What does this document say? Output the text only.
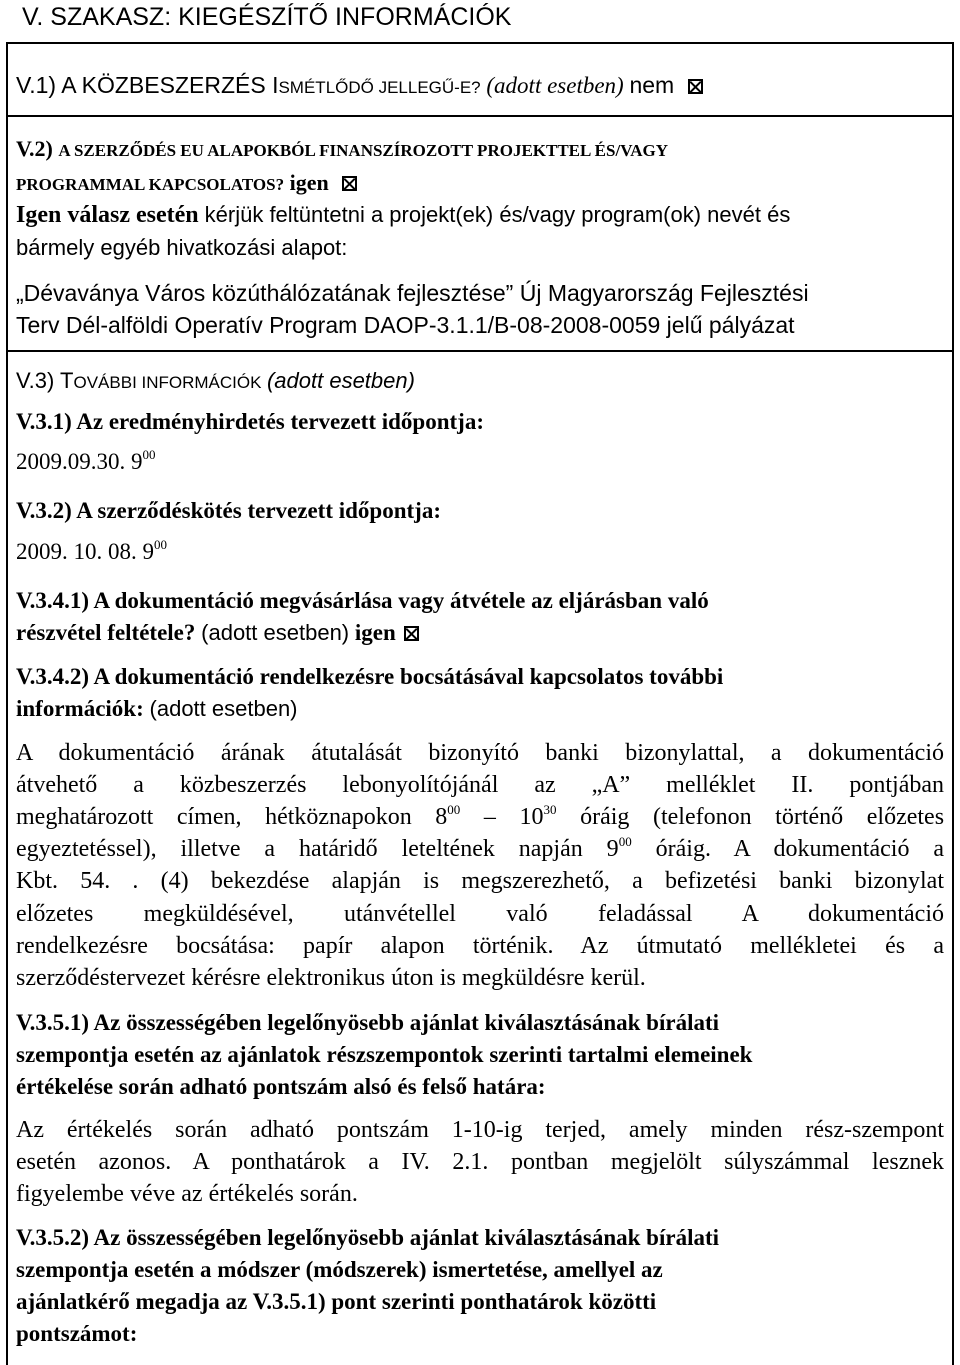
V. SZAKASZ: KIEGÉSZÍTŐ INFORMÁCIÓK
V.1) A KÖZBESZERZÉS ISMÉTLŐDŐ JELLEGŰ-E? (adott esetben) nem
V.2) A SZERZŐDÉS EU ALAPOKBÓL FINANSZÍROZOTT PROJEKTTEL ÉS/VAGY
PROGRAMMAL KAPCSOLATOS? igen
Igen válasz esetén kérjük feltüntetni a projekt(ek) és/vagy program(ok) nevét és
bármely egyéb hivatkozási alapot:
„Dévaványa Város közúthálózatának fejlesztése” Új Magyarország Fejlesztési
Terv Dél-alföldi Operatív Program DAOP-3.1.1/B-08-2008-0059 jelű pályázat
V.3) TOVÁBBI INFORMÁCIÓK (adott esetben)
V.3.1) Az eredményhirdetés tervezett időpontja:
2009.09.30. $9^{00}$
V.3.2) A szerződéskötés tervezett időpontja:
2009. 10. 08. $9^{00}$
V.3.4.1) A dokumentáció megvásárlása vagy átvétele az eljárásban való
részvétel feltétele? (adott esetben) igen
V.3.4.2) A dokumentáció rendelkezésre bocsátásával kapcsolatos további
információk: (adott esetben)
A dokumentáció árának átutalását bizonyító banki bizonylattal, a dokumentáció
átvehető a közbeszerzés lebonyolítójánál az „A” melléklet II. pontjában
meghatározott címen, hétköznapokon $8^{00} - 10^{30}$ óráig (telefonon történő előzetes
egyeztetéssel), illetve a határidő leteltének napján $9^{00}$ óráig. A dokumentáció a
Kbt. 54. . (4) bekezdése alapján is megszerezhető, a befizetési banki bizonylat
előzetes megküldésével, utánvétellel való feladással A dokumentáció
rendelkezésre bocsátása: papír alapon történik. Az útmutató mellékletei és a
szerződéstervezet kérésre elektronikus úton is megküldésre kerül.
V.3.5.1) Az összességében legelőnyösebb ajánlat kiválasztásának bírálati
szempontja esetén az ajánlatok részszempontok szerinti tartalmi elemeinek
értékelése során adható pontszám alsó és felső határa:
Az értékelés során adható pontszám 1-10-ig terjed, amely minden rész-szempont
esetén azonos. A ponthatárok a IV. 2.1. pontban megjelölt súlyszámmal lesznek
figyelembe véve az értékelés során.
V.3.5.2) Az összességében legelőnyösebb ajánlat kiválasztásának bírálati
szempontja esetén a módszer (módszerek) ismertetése, amellyel az
ajánlatkérő megadja az V.3.5.1) pont szerinti ponthatárok közötti
pontszámot:
